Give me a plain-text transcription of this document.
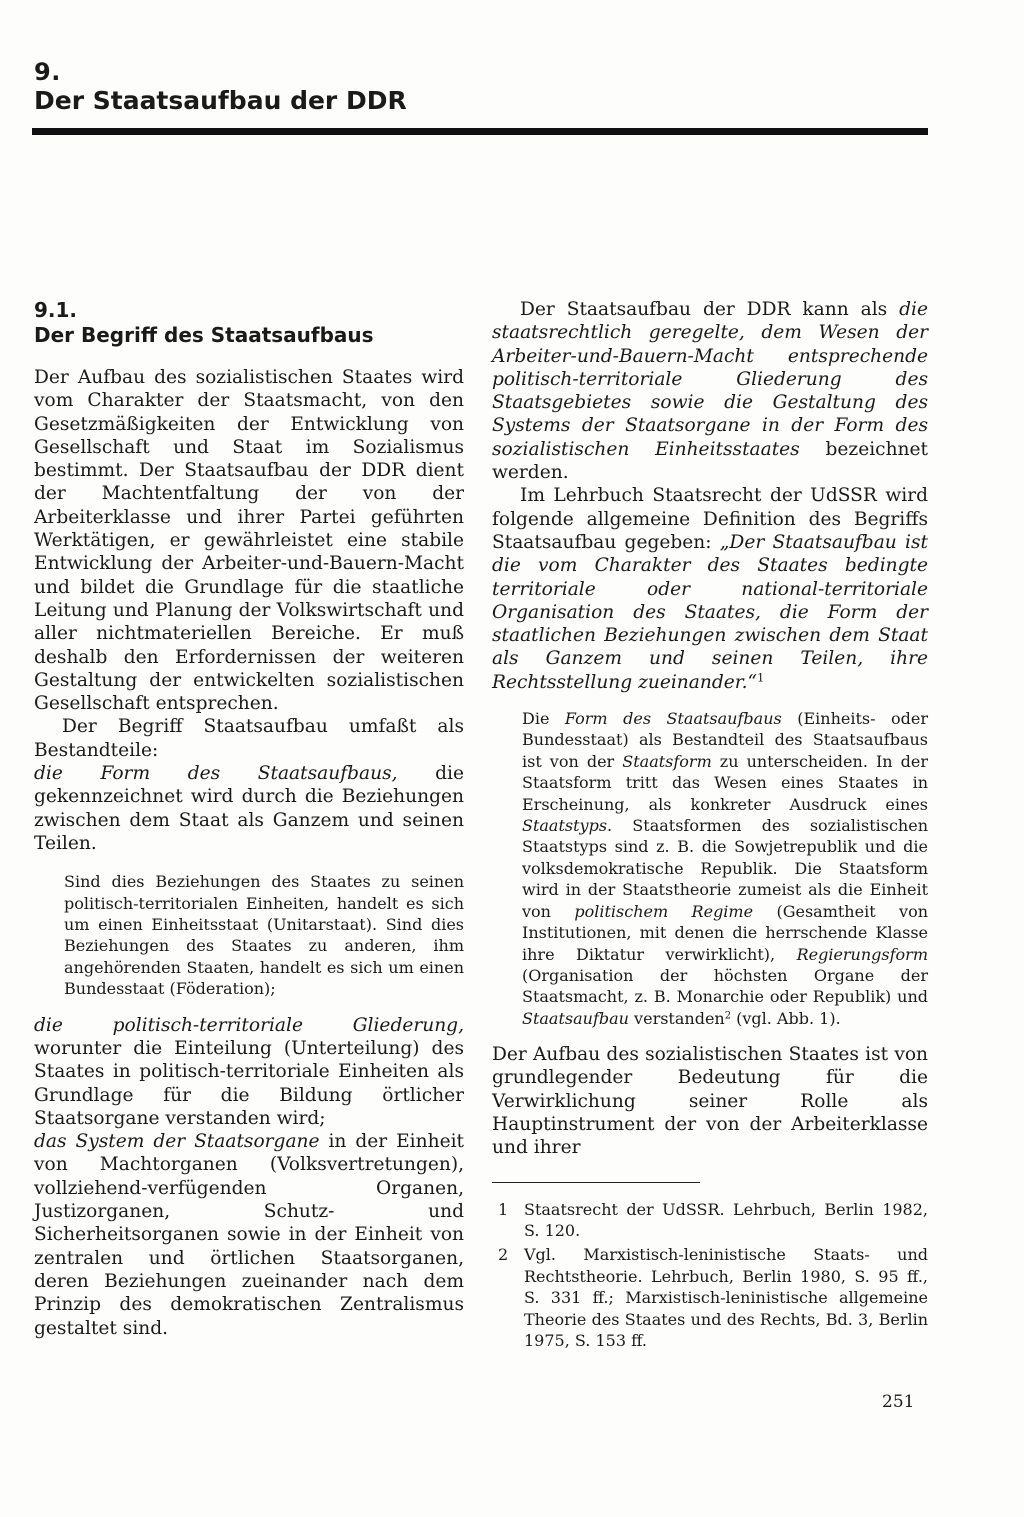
9.
Der Staatsaufbau der DDR
9.1.
Der Begriff des Staatsaufbaus

Der Aufbau des sozialistischen Staates wird vom Charakter der Staatsmacht, von den Gesetzmäßigkeiten der Entwicklung von Gesellschaft und Staat im Sozialismus bestimmt. Der Staatsaufbau der DDR dient der Machtentfaltung der von der Arbeiterklasse und ihrer Partei geführten Werktätigen, er gewährleistet eine stabile Entwicklung der Arbeiter-und-Bauern-Macht und bildet die Grundlage für die staatliche Leitung und Planung der Volkswirtschaft und aller nichtmateriellen Bereiche. Er muß deshalb den Erfordernissen der weiteren Gestaltung der entwickelten sozialistischen Gesellschaft entsprechen.

Der Begriff Staatsaufbau umfaßt als Bestandteile:

die Form des Staatsaufbaus, die gekennzeichnet wird durch die Beziehungen zwischen dem Staat als Ganzem und seinen Teilen.

Sind dies Beziehungen des Staates zu seinen politisch-territorialen Einheiten, handelt es sich um einen Einheitsstaat (Unitarstaat). Sind dies Beziehungen des Staates zu anderen, ihm angehörenden Staaten, handelt es sich um einen Bundesstaat (Föderation);

die politisch-territoriale Gliederung, worunter die Einteilung (Unterteilung) des Staates in politisch-territoriale Einheiten als Grundlage für die Bildung örtlicher Staatsorgane verstanden wird;

das System der Staatsorgane in der Einheit von Machtorganen (Volksvertretungen), vollziehend-verfügenden Organen, Justizorganen, Schutz- und Sicherheitsorganen sowie in der Einheit von zentralen und örtlichen Staatsorganen, deren Beziehungen zueinander nach dem Prinzip des demokratischen Zentralismus gestaltet sind.

Der Staatsaufbau der DDR kann als die staatsrechtlich geregelte, dem Wesen der Arbeiter-und-Bauern-Macht entsprechende politisch-territoriale Gliederung des Staatsgebietes sowie die Gestaltung des Systems der Staatsorgane in der Form des sozialistischen Einheitsstaates bezeichnet werden.

Im Lehrbuch Staatsrecht der UdSSR wird folgende allgemeine Definition des Begriffs Staatsaufbau gegeben: „Der Staatsaufbau ist die vom Charakter des Staates bedingte territoriale oder national-territoriale Organisation des Staates, die Form der staatlichen Beziehungen zwischen dem Staat als Ganzem und seinen Teilen, ihre Rechtsstellung zueinander.“$^1$

Die Form des Staatsaufbaus (Einheits- oder Bundesstaat) als Bestandteil des Staatsaufbaus ist von der Staatsform zu unterscheiden. In der Staatsform tritt das Wesen eines Staates in Erscheinung, als konkreter Ausdruck eines Staatstyps. Staatsformen des sozialistischen Staatstyps sind z. B. die Sowjetrepublik und die volksdemokratische Republik. Die Staatsform wird in der Staatstheorie zumeist als die Einheit von politischem Regime (Gesamtheit von Institutionen, mit denen die herrschende Klasse ihre Diktatur verwirklicht), Regierungsform (Organisation der höchsten Organe der Staatsmacht, z. B. Monarchie oder Republik) und Staatsaufbau verstanden$^2$ (vgl. Abb. 1).

Der Aufbau des sozialistischen Staates ist von grundlegender Bedeutung für die Verwirklichung seiner Rolle als Hauptinstrument der von der Arbeiterklasse und ihrer

1 Staatsrecht der UdSSR. Lehrbuch, Berlin 1982, S. 120.
2 Vgl. Marxistisch-leninistische Staats- und Rechtstheorie. Lehrbuch, Berlin 1980, S. 95 ff., S. 331 ff.; Marxistisch-leninistische allgemeine Theorie des Staates und des Rechts, Bd. 3, Berlin 1975, S. 153 ff.
251
